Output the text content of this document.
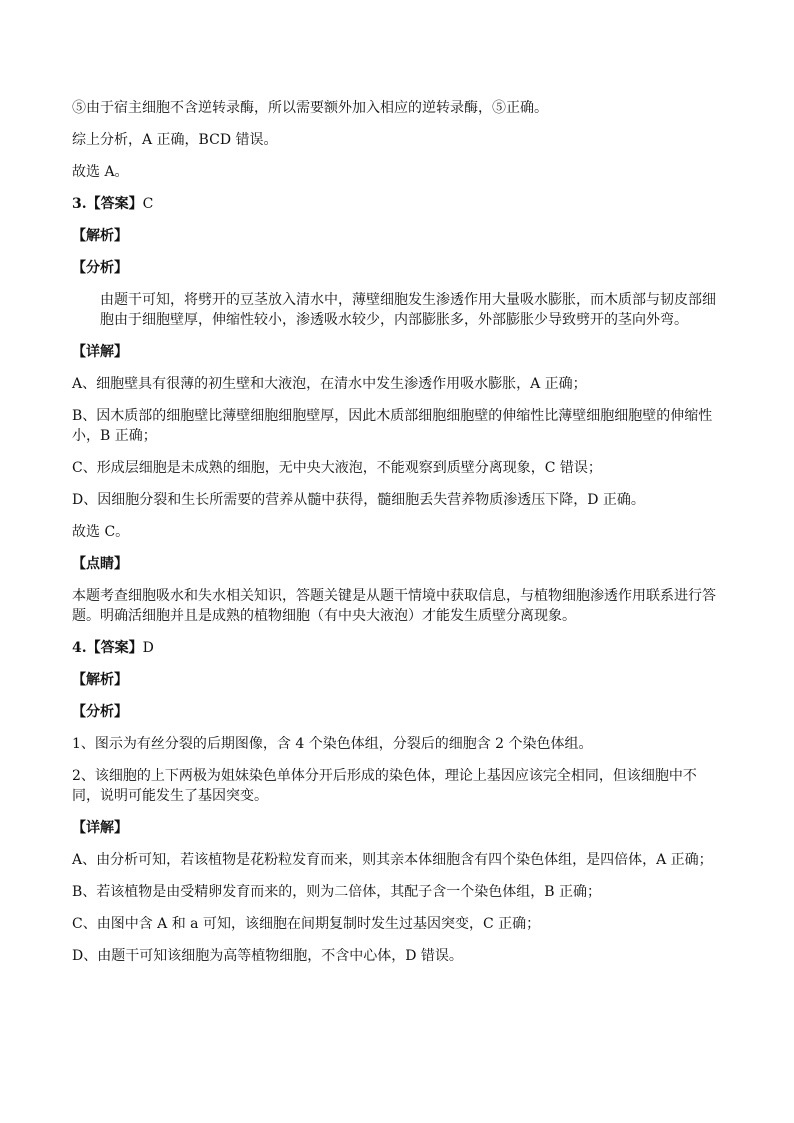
⑤由于宿主细胞不含逆转录酶，所以需要额外加入相应的逆转录酶，⑤正确。

综上分析，A 正确，BCD 错误。

故选 A。

3.【答案】C

【解析】

【分析】

由题干可知，将劈开的豆茎放入清水中，薄壁细胞发生渗透作用大量吸水膨胀，而木质部与韧皮部细胞由于细胞壁厚，伸缩性较小，渗透吸水较少，内部膨胀多，外部膨胀少导致劈开的茎向外弯。

【详解】

A、细胞壁具有很薄的初生壁和大液泡，在清水中发生渗透作用吸水膨胀，A 正确；

B、因木质部的细胞壁比薄壁细胞细胞壁厚，因此木质部细胞细胞壁的伸缩性比薄壁细胞细胞壁的伸缩性小，B 正确；

C、形成层细胞是未成熟的细胞，无中央大液泡，不能观察到质壁分离现象，C 错误；

D、因细胞分裂和生长所需要的营养从髓中获得，髓细胞丢失营养物质渗透压下降，D 正确。

故选 C。

【点睛】

本题考查细胞吸水和失水相关知识，答题关键是从题干情境中获取信息，与植物细胞渗透作用联系进行答题。明确活细胞并且是成熟的植物细胞（有中央大液泡）才能发生质壁分离现象。

4.【答案】D

【解析】

【分析】

1、图示为有丝分裂的后期图像，含 4 个染色体组，分裂后的细胞含 2 个染色体组。

2、该细胞的上下两极为姐妹染色单体分开后形成的染色体，理论上基因应该完全相同，但该细胞中不同，说明可能发生了基因突变。

【详解】

A、由分析可知，若该植物是花粉粒发育而来，则其亲本体细胞含有四个染色体组，是四倍体，A 正确；

B、若该植物是由受精卵发育而来的，则为二倍体，其配子含一个染色体组，B 正确；

C、由图中含 A 和 a 可知，该细胞在间期复制时发生过基因突变，C 正确；

D、由题干可知该细胞为高等植物细胞，不含中心体，D 错误。
